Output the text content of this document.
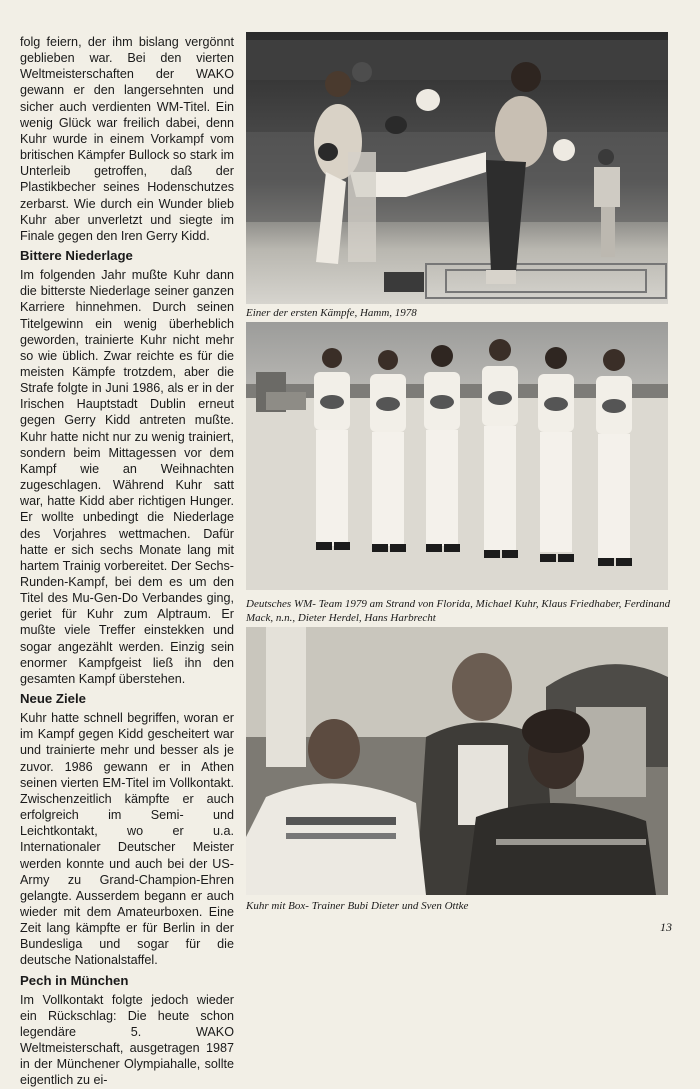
folg feiern, der ihm bislang vergönnt geblieben war. Bei den vierten Weltmeisterschaften der WAKO gewann er den langersehnten und sicher auch verdienten WM-Titel. Ein wenig Glück war freilich dabei, denn Kuhr wurde in einem Vorkampf vom britischen Kämpfer Bullock so stark im Unterleib getroffen, daß der Plastikbecher seines Hodenschutzes zerbarst. Wie durch ein Wunder blieb Kuhr aber unverletzt und siegte im Finale gegen den Iren Gerry Kidd.

Bittere Niederlage

Im folgenden Jahr mußte Kuhr dann die bitterste Niederlage seiner ganzen Karriere hinnehmen. Durch seinen Titelgewinn ein wenig überheblich geworden, trainierte Kuhr nicht mehr so wie üblich. Zwar reichte es für die meisten Kämpfe trotzdem, aber die Strafe folgte in Juni 1986, als er in der Irischen Hauptstadt Dublin erneut gegen Gerry Kidd antreten mußte. Kuhr hatte nicht nur zu wenig trainiert, sondern beim Mittagessen vor dem Kampf wie an Weihnachten zugeschlagen. Während Kuhr satt war, hatte Kidd aber richtigen Hunger. Er wollte unbedingt die Niederlage des Vorjahres wettmachen. Dafür hatte er sich sechs Monate lang mit hartem Trainig vorbereitet. Der Sechs-Runden-Kampf, bei dem es um den Titel des Mu-Gen-Do Verbandes ging, geriet für Kuhr zum Alptraum. Er mußte viele Treffer einstekken und sogar angezählt werden. Einzig sein enormer Kampfgeist ließ ihn den gesamten Kampf überstehen.

Neue Ziele

Kuhr hatte schnell begriffen, woran er im Kampf gegen Kidd gescheitert war und trainierte mehr und besser als je zuvor. 1986 gewann er in Athen seinen vierten EM-Titel im Vollkontakt. Zwischenzeitlich kämpfte er auch erfolgreich im Semi- und Leichtkontakt, wo er u.a. Internationaler Deutscher Meister werden konnte und auch bei der US-Army zu Grand-Champion-Ehren gelangte. Ausserdem begann er auch wieder mit dem Amateurboxen. Eine Zeit lang kämpfte er für Berlin in der Bundesliga und sogar für die deutsche Nationalstaffel.

Pech in München

Im Vollkontakt folgte jedoch wieder ein Rückschlag: Die heute schon legendäre 5. WAKO Weltmeisterschaft, ausgetragen 1987 in der Münchener Olympiahalle, sollte eigentlich zu ei-

Einer der ersten Kämpfe, Hamm, 1978
Deutsches WM- Team 1979 am Strand von Florida, Michael Kuhr, Klaus Friedhaber, Ferdinand Mack, n.n., Dieter Herdel, Hans Harbrecht
Kuhr mit Box- Trainer Bubi Dieter und Sven Ottke
13
